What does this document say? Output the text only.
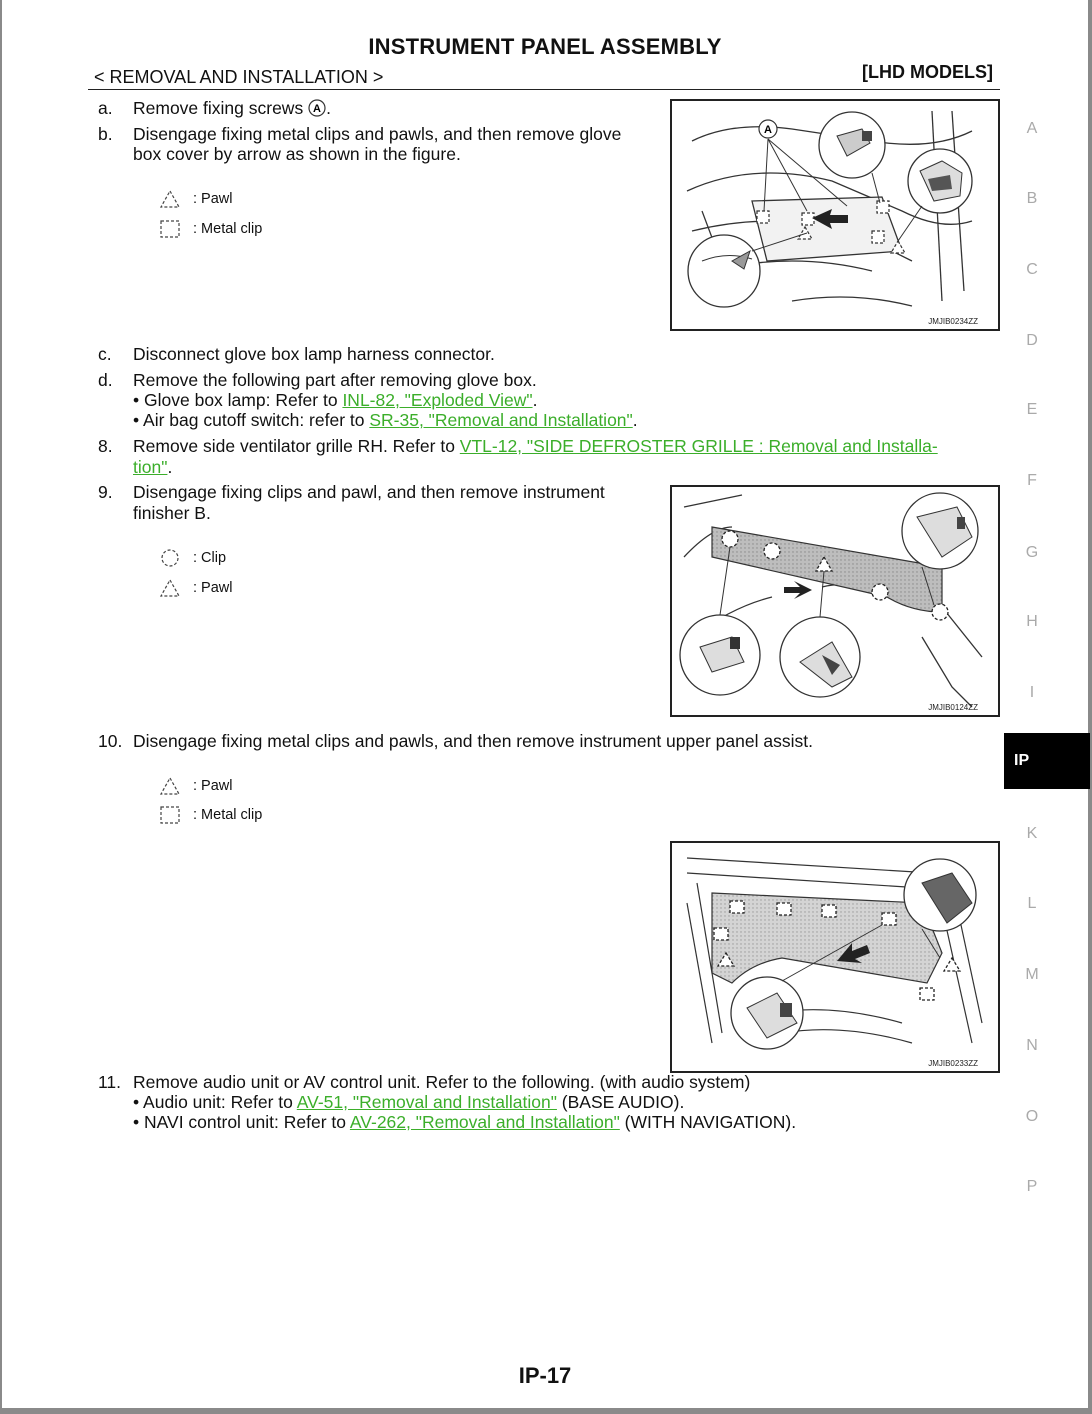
INSTRUMENT PANEL ASSEMBLY
< REMOVAL AND INSTALLATION >	[LHD MODELS]
a. Remove fixing screws A .
b. Disengage fixing metal clips and pawls, and then remove glove
box cover by arrow as shown in the figure.
: Pawl
: Metal clip
A
JMJIB0234ZZ
c. Disconnect glove box lamp harness connector.
d. Remove the following part after removing glove box.
• Glove box lamp: Refer to INL-82, "Exploded View".
• Air bag cutoff switch: refer to SR-35, "Removal and Installation".
8. Remove side ventilator grille RH. Refer to VTL-12, "SIDE DEFROSTER GRILLE : Removal and Installa-
tion".
9. Disengage fixing clips and pawl, and then remove instrument
finisher B.
: Clip
: Pawl
JMJIB0124ZZ
10. Disengage fixing metal clips and pawls, and then remove instrument upper panel assist.
: Pawl
: Metal clip
JMJIB0233ZZ
11. Remove audio unit or AV control unit. Refer to the following. (with audio system)
• Audio unit: Refer to AV-51, "Removal and Installation" (BASE AUDIO).
• NAVI control unit: Refer to AV-262, "Removal and Installation" (WITH NAVIGATION).
A
B
C
D
E
F
G
H
I
IP
K
L
M
N
O
P
IP-17
